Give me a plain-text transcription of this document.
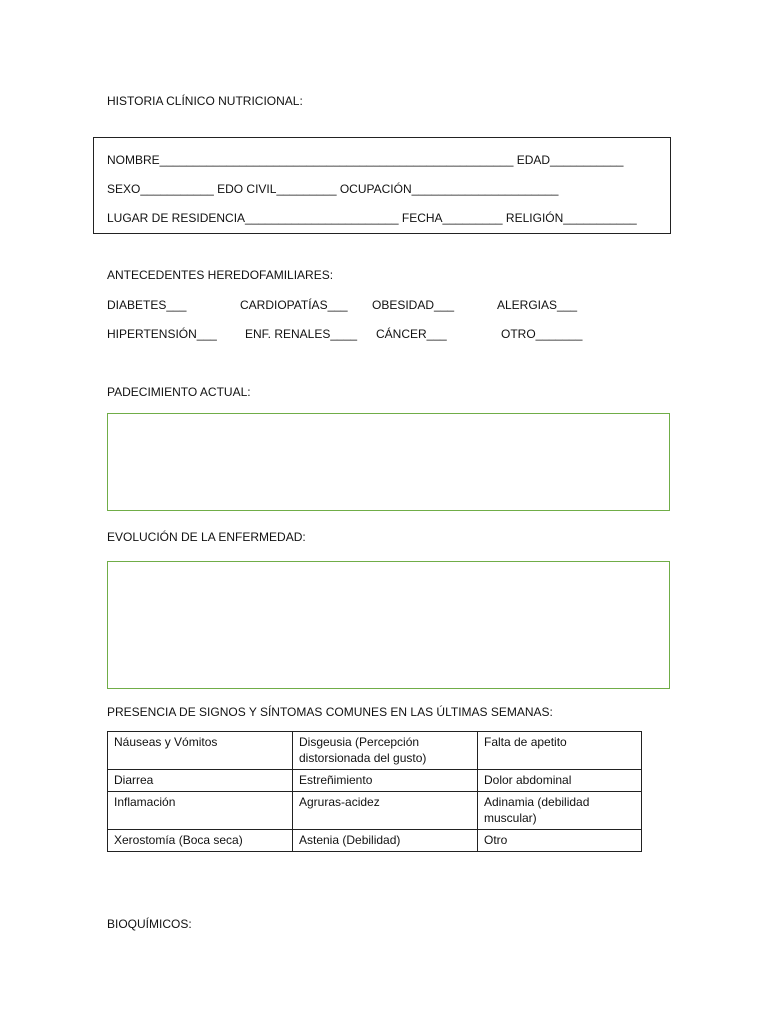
HISTORIA CLÍNICO NUTRICIONAL:
NOMBRE_____________________________________________________ EDAD___________
SEXO___________ EDO CIVIL_________ OCUPACIÓN______________________
LUGAR DE RESIDENCIA_______________________ FECHA_________ RELIGIÓN___________
ANTECEDENTES HEREDOFAMILIARES:
DIABETES___	CARDIOPATÍAS___ OBESIDAD___	ALERGIAS___
HIPERTENSIÓN___ ENF. RENALES____ CÁNCER___	OTRO_______
PADECIMIENTO ACTUAL:
EVOLUCIÓN DE LA ENFERMEDAD:
PRESENCIA DE SIGNOS Y SÍNTOMAS COMUNES EN LAS ÚLTIMAS SEMANAS:
Náuseas y Vómitos	Disgeusia (Percepción distorsionada del gusto)	Falta de apetito
Diarrea	Estreñimiento	Dolor abdominal
Inflamación	Agruras-acidez	Adinamia (debilidad muscular)
Xerostomía (Boca seca)	Astenia (Debilidad)	Otro
BIOQUÍMICOS:
